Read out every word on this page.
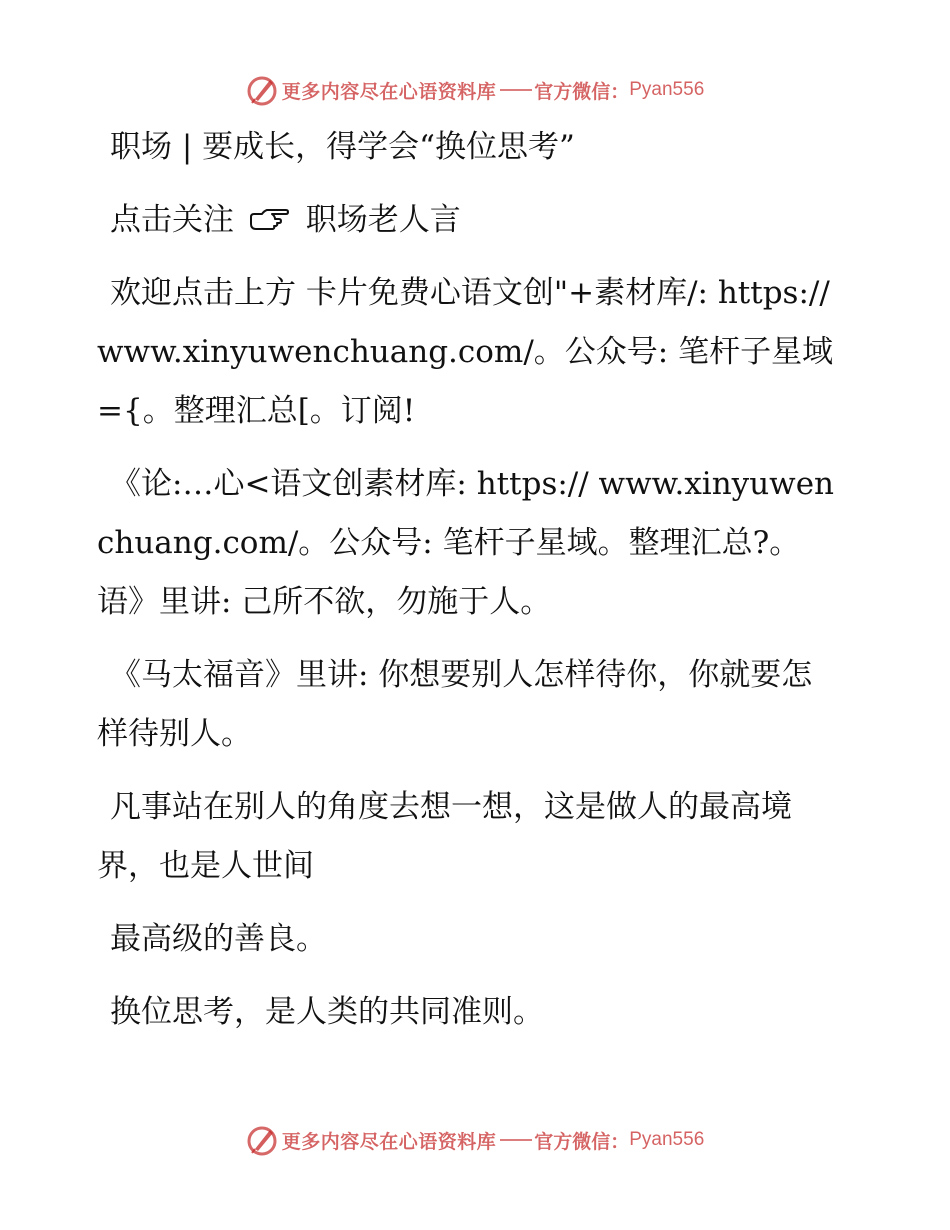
更多内容尽在心语资料库 官方微信： Pyan556

职场 | 要成长，得学会“换位思考”

点击关注 职场老人言

欢迎点击上方 卡片免费心语文创"+素材库/: https://www.xinyuwenchuang.com/。公众号: 笔杆子星域={。整理汇总[。订阅!

《论:…心<语文创素材库: https:// www.xinyuwenchuang.com/。公众号: 笔杆子星域。整理汇总?。语》里讲: 己所不欲，勿施于人。

《马太福音》里讲: 你想要别人怎样待你，你就要怎样待别人。

凡事站在别人的角度去想一想，这是做人的最高境界，也是人世间

最高级的善良。

换位思考，是人类的共同准则。

更多内容尽在心语资料库 官方微信： Pyan556
